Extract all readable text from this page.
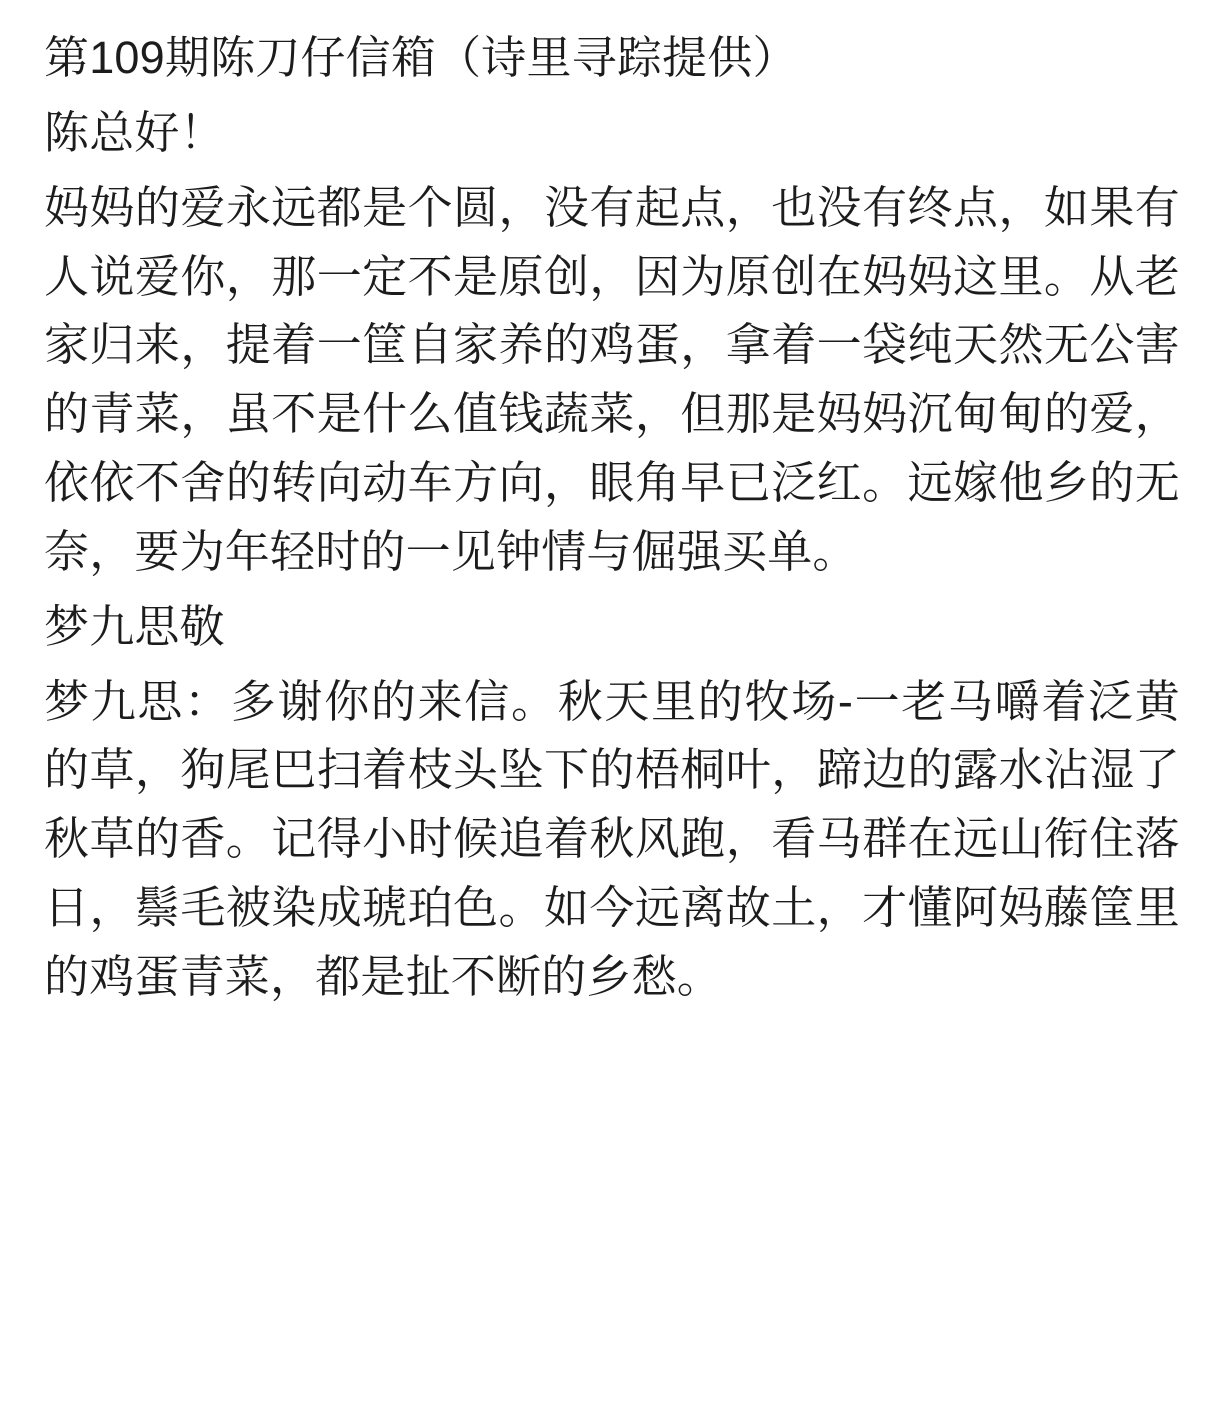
第109期陈刀仔信箱（诗里寻踪提供）

陈总好！

妈妈的爱永远都是个圆，没有起点，也没有终点，如果有人说爱你，那一定不是原创，因为原创在妈妈这里。从老家归来，提着一筐自家养的鸡蛋，拿着一袋纯天然无公害的青菜，虽不是什么值钱蔬菜，但那是妈妈沉甸甸的爱，依依不舍的转向动车方向，眼角早已泛红。远嫁他乡的无奈，要为年轻时的一见钟情与倔强买单。

梦九思敬

梦九思：多谢你的来信。秋天里的牧场-一老马嚼着泛黄的草，狗尾巴扫着枝头坠下的梧桐叶，蹄边的露水沾湿了秋草的香。记得小时候追着秋风跑，看马群在远山衔住落日，鬃毛被染成琥珀色。如今远离故土，才懂阿妈藤筐里的鸡蛋青菜，都是扯不断的乡愁。
